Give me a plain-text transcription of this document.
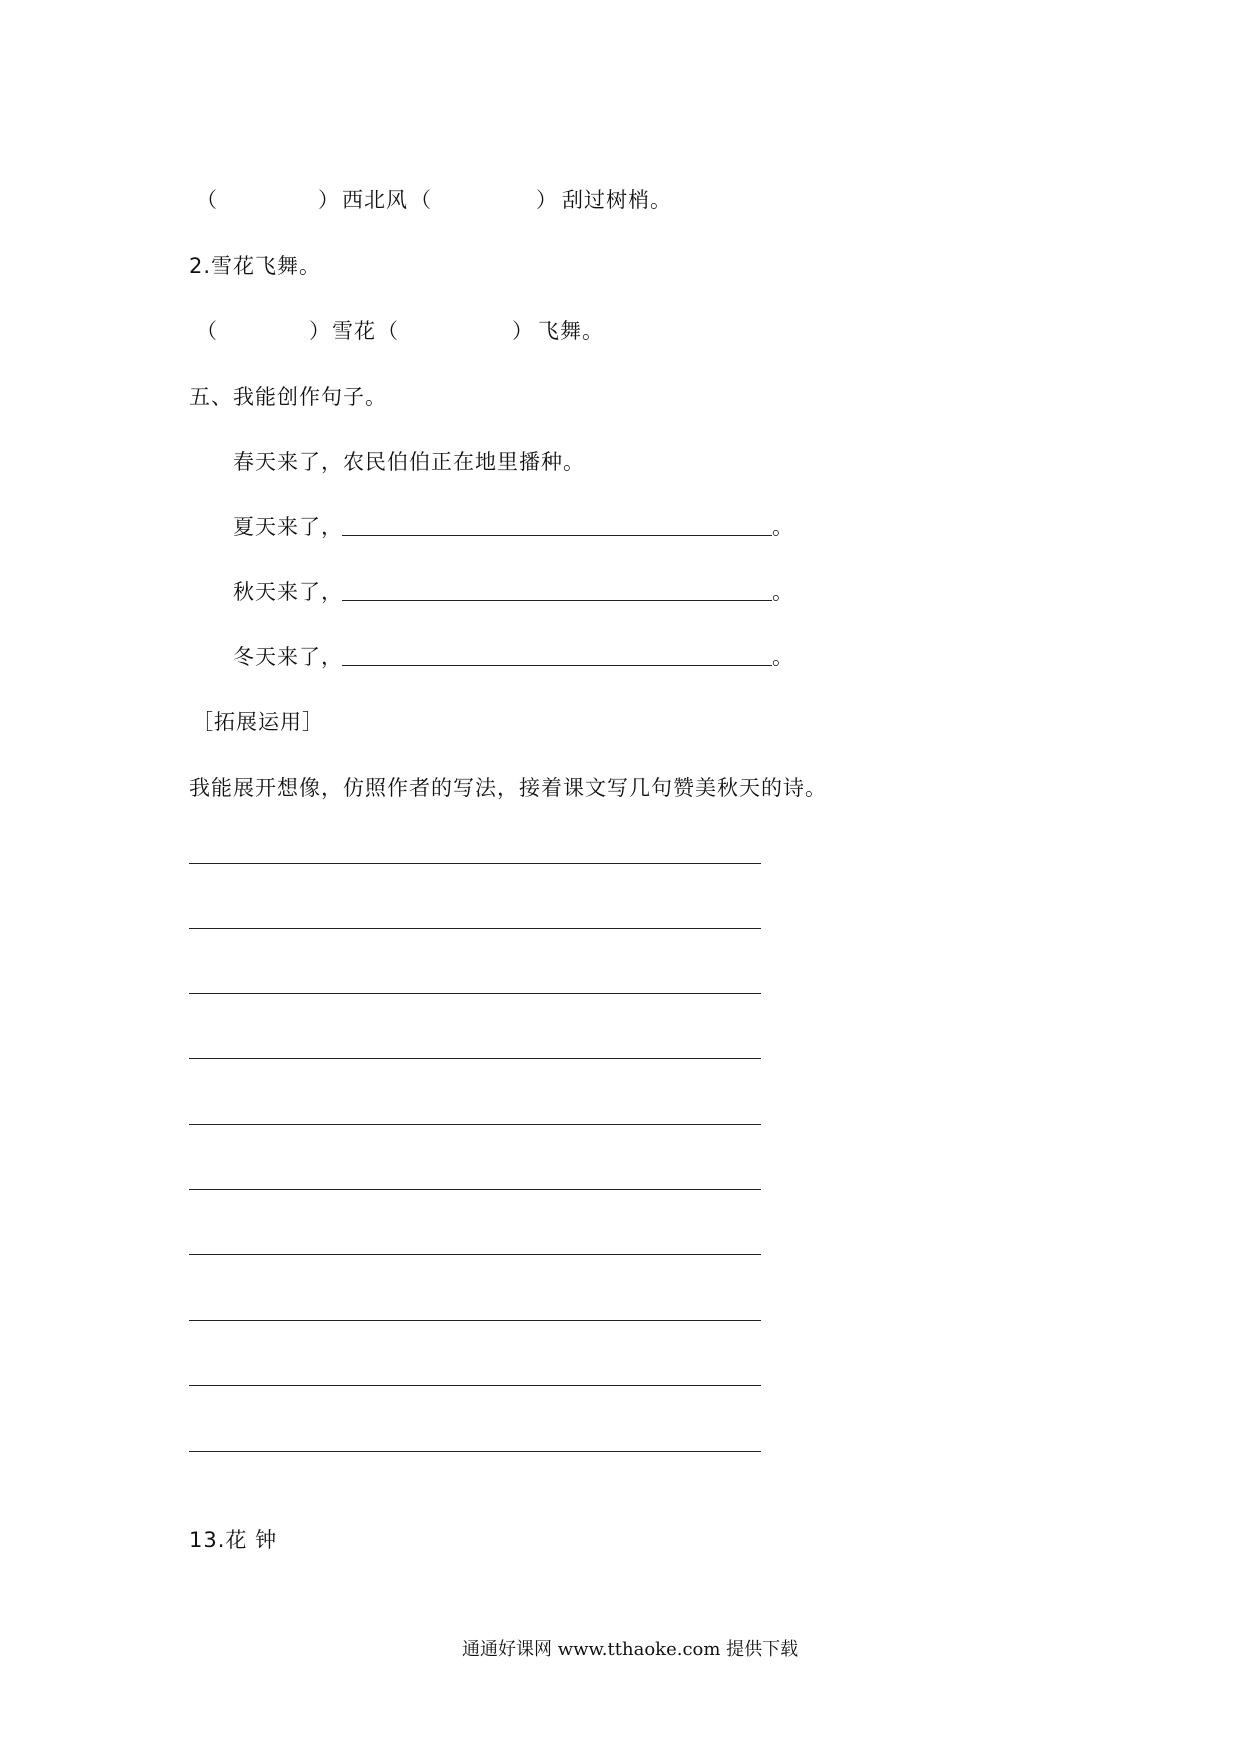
（	） 西北风 （	） 刮过树梢。
2.雪花飞舞。
（	） 雪花 （	） 飞舞。
五、我能创作句子。
春天来了，农民伯伯正在地里播种。
夏天来了，	。
秋天来了，	。
冬天来了，	。
［拓展运用］
我能展开想像，仿照作者的写法，接着课文写几句赞美秋天的诗。
13.花 钟
通通好课网 www.tthaoke.com 提供下载
